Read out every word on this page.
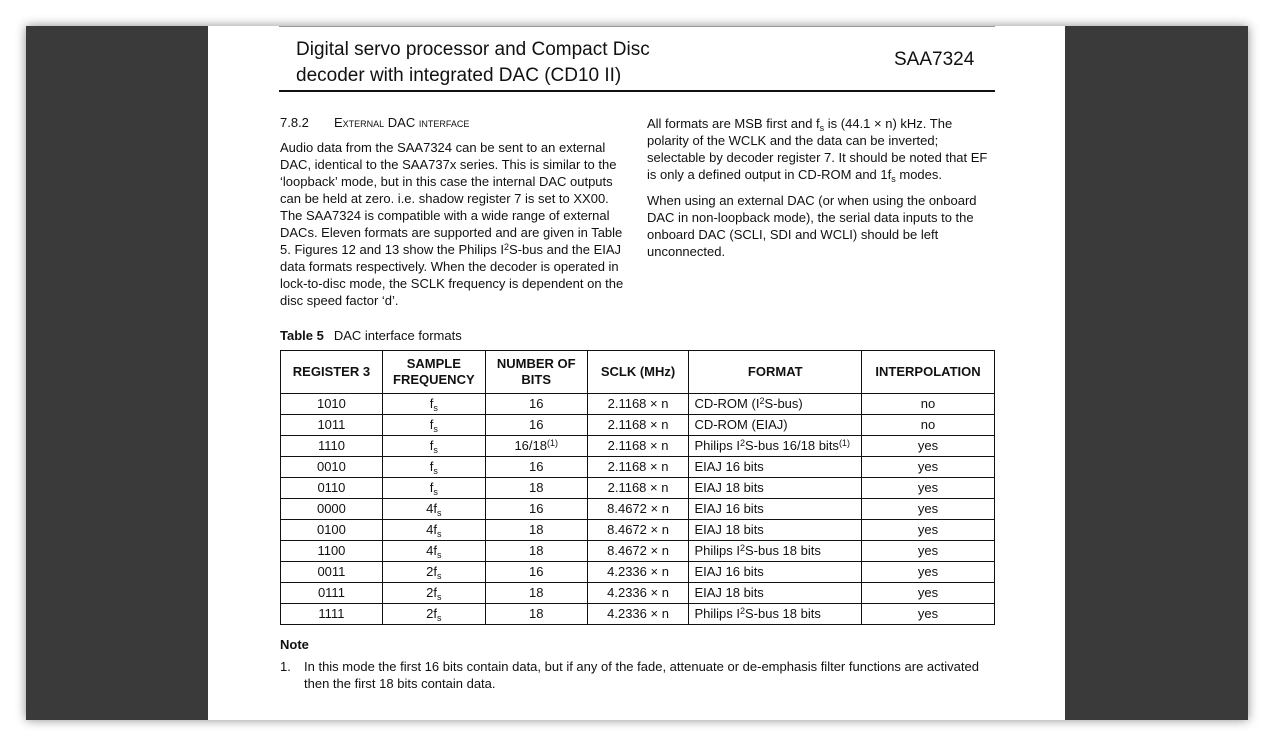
Digital servo processor and Compact Disc
decoder with integrated DAC (CD10 II)
SAA7324
7.8.2 External DAC interface

Audio data from the SAA7324 can be sent to an external DAC, identical to the SAA737x series. This is similar to the ‘loopback’ mode, but in this case the internal DAC outputs can be held at zero. i.e. shadow register 7 is set to XX00. The SAA7324 is compatible with a wide range of external DACs. Eleven formats are supported and are given in Table 5. Figures 12 and 13 show the Philips $I^2S$-bus and the EIAJ data formats respectively. When the decoder is operated in lock-to-disc mode, the SCLK frequency is dependent on the disc speed factor ‘d’.

All formats are MSB first and $f_s$ is (44.1 × n) kHz. The polarity of the WCLK and the data can be inverted; selectable by decoder register 7. It should be noted that EF is only a defined output in CD-ROM and $1f_s$ modes.

When using an external DAC (or when using the onboard DAC in non-loopback mode), the serial data inputs to the onboard DAC (SCLI, SDI and WCLI) should be left unconnected.

Table 5 DAC interface formats
REGISTER 3	SAMPLE FREQUENCY	NUMBER OF BITS	SCLK (MHz)	FORMAT	INTERPOLATION
1010	$f_s$	16	2.1168 × n	CD-ROM $(I^2S-bus)$	no
1011	$f_s$	16	2.1168 × n	CD-ROM (EIAJ)	no
1110	$f_s$	16/18$^{(1)}$	2.1168 × n	Philips $I^2S$-bus 16/18 bits$^{(1)}$	yes
0010	$f_s$	16	2.1168 × n	EIAJ 16 bits	yes
0110	$f_s$	18	2.1168 × n	EIAJ 18 bits	yes
0000	$4f_s$	16	8.4672 × n	EIAJ 16 bits	yes
0100	$4f_s$	18	8.4672 × n	EIAJ 18 bits	yes
1100	$4f_s$	18	8.4672 × n	Philips $I^2S$-bus 18 bits	yes
0011	$2f_s$	16	4.2336 × n	EIAJ 16 bits	yes
0111	$2f_s$	18	4.2336 × n	EIAJ 18 bits	yes
1111	$2f_s$	18	4.2336 × n	Philips $I^2S$-bus 18 bits	yes
Note
1. In this mode the first 16 bits contain data, but if any of the fade, attenuate or de-emphasis filter functions are activated then the first 18 bits contain data.
